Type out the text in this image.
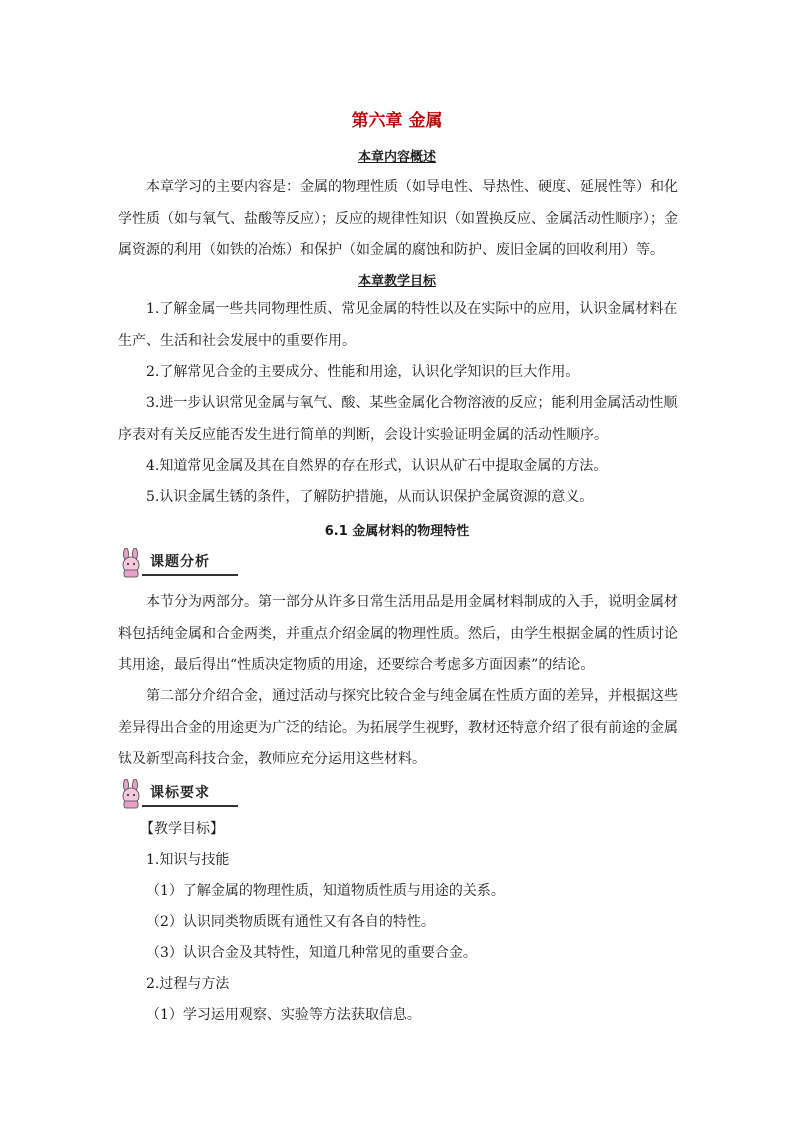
第六章 金属
本章内容概述

本章学习的主要内容是：金属的物理性质（如导电性、导热性、硬度、延展性等）和化学性质（如与氧气、盐酸等反应）；反应的规律性知识（如置换反应、金属活动性顺序）；金属资源的利用（如铁的冶炼）和保护（如金属的腐蚀和防护、废旧金属的回收利用）等。

本章教学目标

1.了解金属一些共同物理性质、常见金属的特性以及在实际中的应用，认识金属材料在生产、生活和社会发展中的重要作用。

2.了解常见合金的主要成分、性能和用途，认识化学知识的巨大作用。

3.进一步认识常见金属与氧气、酸、某些金属化合物溶液的反应；能利用金属活动性顺序表对有关反应能否发生进行简单的判断，会设计实验证明金属的活动性顺序。

4.知道常见金属及其在自然界的存在形式，认识从矿石中提取金属的方法。

5.认识金属生锈的条件，了解防护措施，从而认识保护金属资源的意义。

6.1 金属材料的物理特性
课题分析

本节分为两部分。第一部分从许多日常生活用品是用金属材料制成的入手，说明金属材料包括纯金属和合金两类，并重点介绍金属的物理性质。然后，由学生根据金属的性质讨论其用途，最后得出“性质决定物质的用途，还要综合考虑多方面因素”的结论。

第二部分介绍合金，通过活动与探究比较合金与纯金属在性质方面的差异，并根据这些差异得出合金的用途更为广泛的结论。为拓展学生视野，教材还特意介绍了很有前途的金属钛及新型高科技合金，教师应充分运用这些材料。

课标要求

【教学目标】

1.知识与技能

（1）了解金属的物理性质，知道物质性质与用途的关系。

（2）认识同类物质既有通性又有各自的特性。

（3）认识合金及其特性，知道几种常见的重要合金。

2.过程与方法

（1）学习运用观察、实验等方法获取信息。
